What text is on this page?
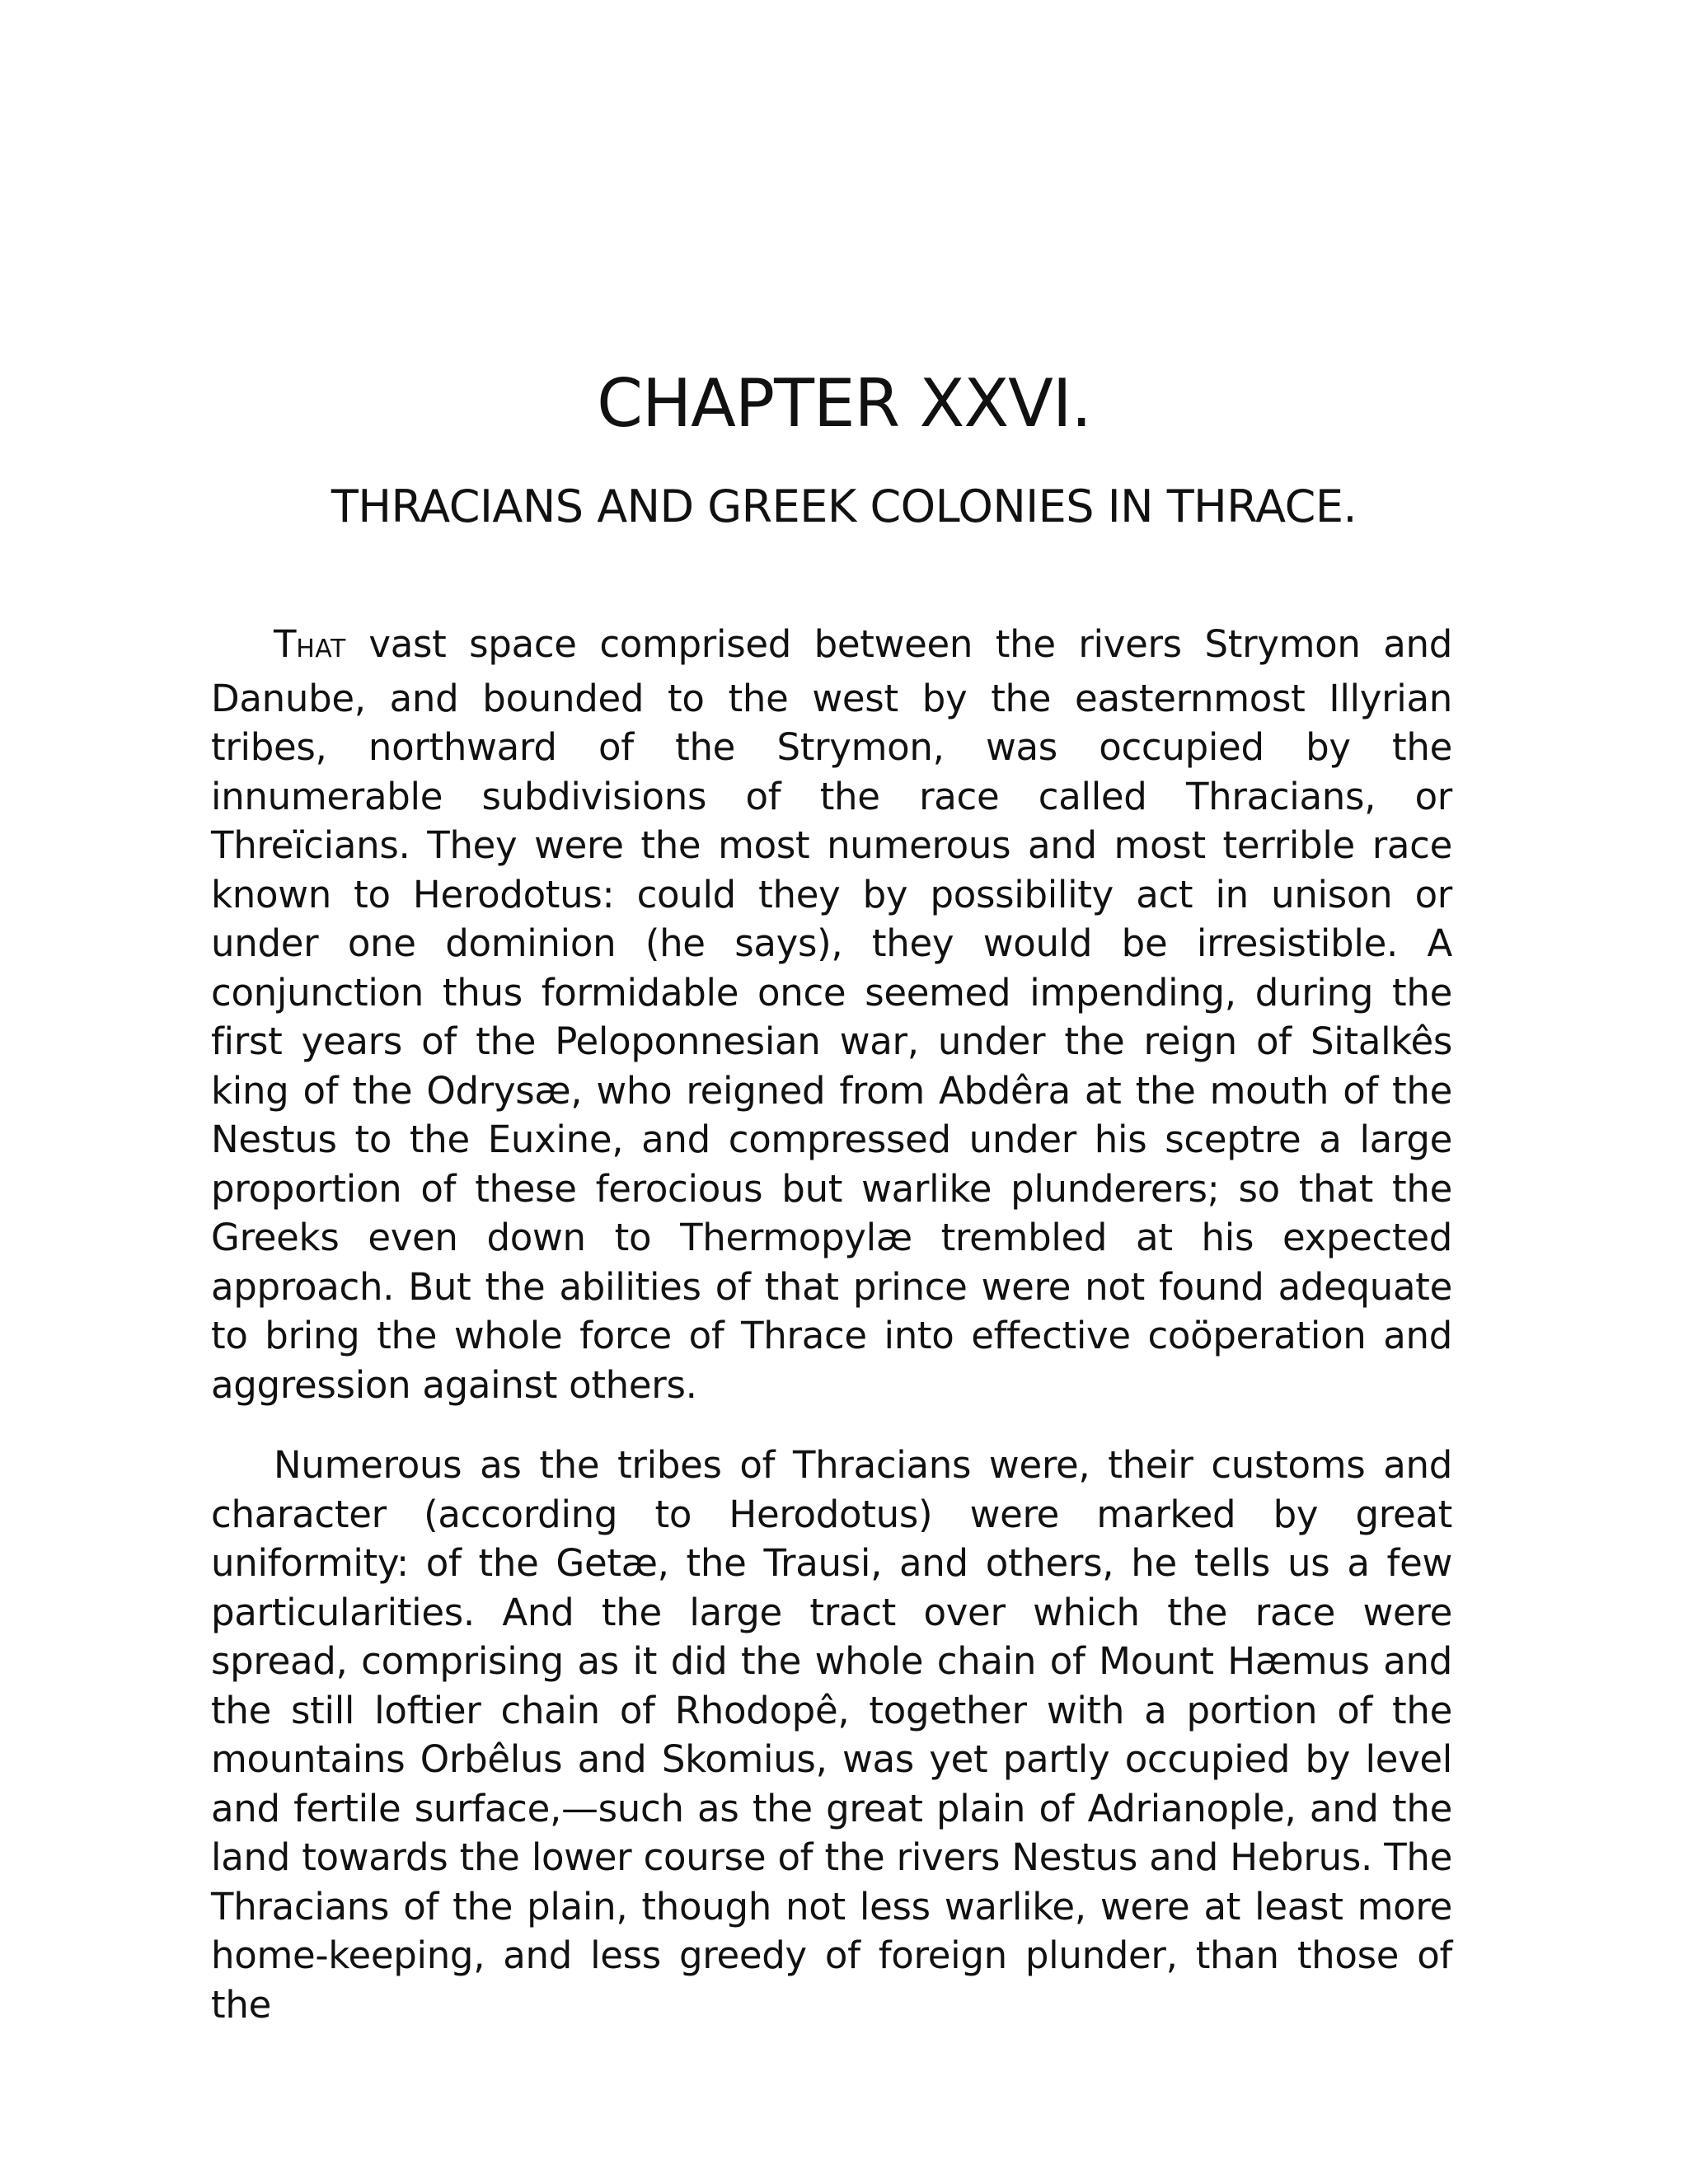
CHAPTER XXVI.
THRACIANS AND GREEK COLONIES IN THRACE.

THAT vast space comprised between the rivers Strymon and Danube, and bounded to the west by the easternmost Illyrian tribes, northward of the Strymon, was occupied by the innumerable subdivisions of the race called Thracians, or Threïcians. They were the most numerous and most terrible race known to Herodotus: could they by possibility act in unison or under one dominion (he says), they would be irresistible. A conjunction thus formidable once seemed impending, during the first years of the Peloponnesian war, under the reign of Sitalkês king of the Odrysæ, who reigned from Abdêra at the mouth of the Nestus to the Euxine, and compressed under his sceptre a large proportion of these ferocious but warlike plunderers; so that the Greeks even down to Thermopylæ trembled at his expected approach. But the abilities of that prince were not found adequate to bring the whole force of Thrace into effective coöperation and aggression against others.

Numerous as the tribes of Thracians were, their customs and character (according to Herodotus) were marked by great uniformity: of the Getæ, the Trausi, and others, he tells us a few particularities. And the large tract over which the race were spread, comprising as it did the whole chain of Mount Hæmus and the still loftier chain of Rhodopê, together with a portion of the mountains Orbêlus and Skomius, was yet partly occupied by level and fertile surface,—such as the great plain of Adrianople, and the land towards the lower course of the rivers Nestus and Hebrus. The Thracians of the plain, though not less warlike, were at least more home-keeping, and less greedy of foreign plunder, than those of the
